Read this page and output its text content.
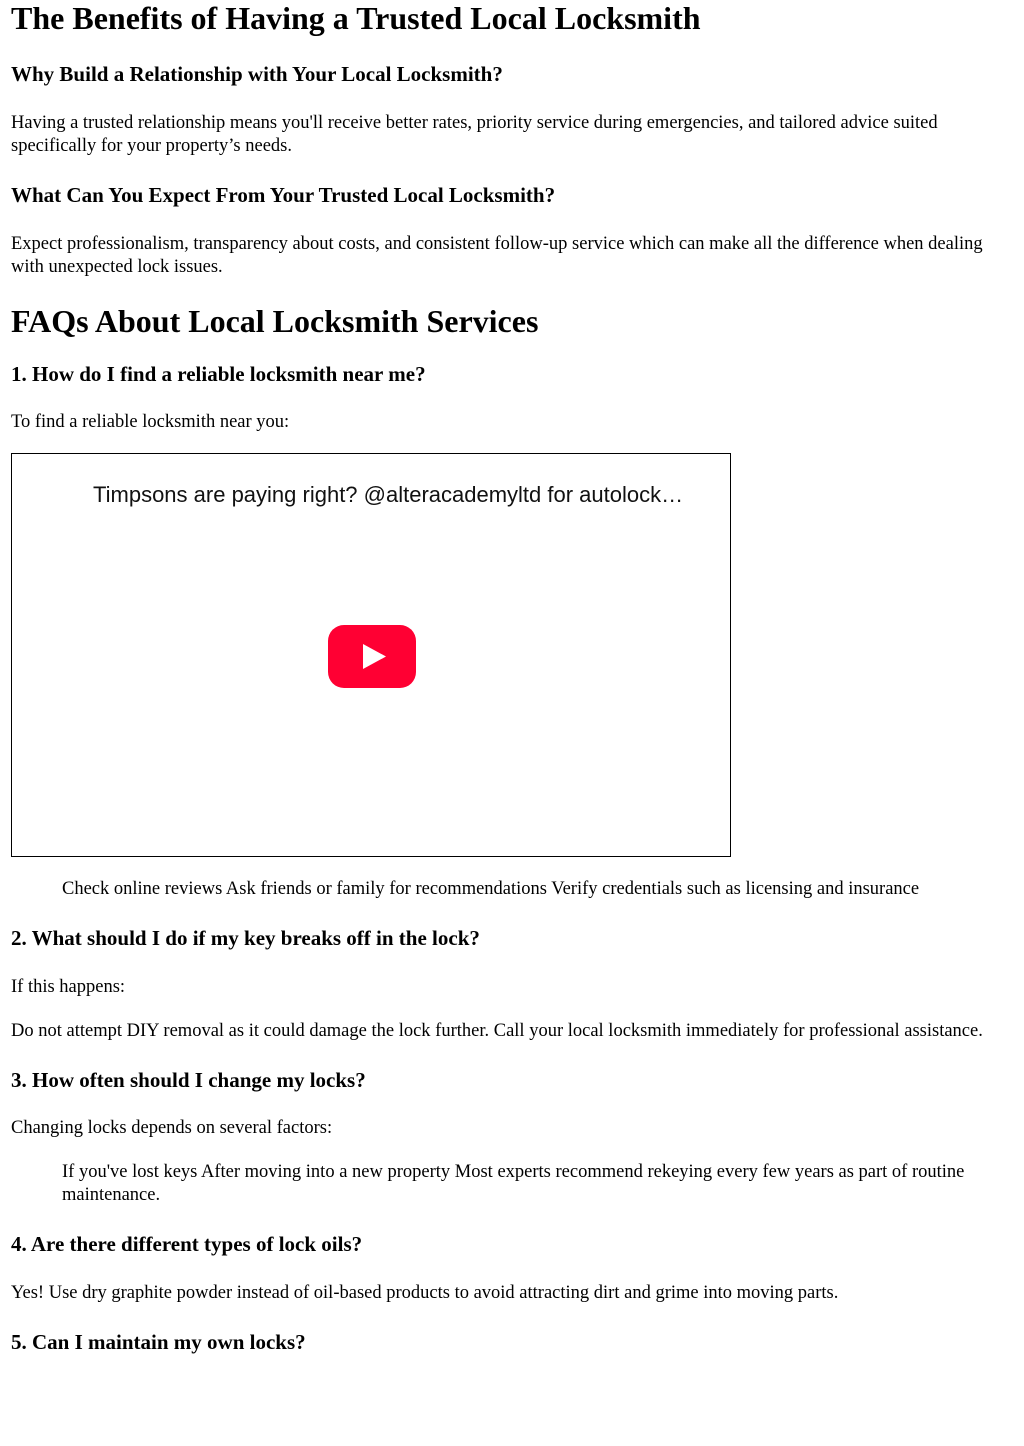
The Benefits of Having a Trusted Local Locksmith
Why Build a Relationship with Your Local Locksmith?

Having a trusted relationship means you'll receive better rates, priority service during emergencies, and tailored advice suited specifically for your property’s needs.

What Can You Expect From Your Trusted Local Locksmith?

Expect professionalism, transparency about costs, and consistent follow-up service which can make all the difference when dealing with unexpected lock issues.

FAQs About Local Locksmith Services
1. How do I find a reliable locksmith near me?

To find a reliable locksmith near you:

Timpsons are paying right? @alteracademyltd for autolock…

Check online reviews Ask friends or family for recommendations Verify credentials such as licensing and insurance

2. What should I do if my key breaks off in the lock?

If this happens:

Do not attempt DIY removal as it could damage the lock further. Call your local locksmith immediately for professional assistance.

3. How often should I change my locks?

Changing locks depends on several factors:

If you've lost keys After moving into a new property Most experts recommend rekeying every few years as part of routine maintenance.

4. Are there different types of lock oils?

Yes! Use dry graphite powder instead of oil-based products to avoid attracting dirt and grime into moving parts.

5. Can I maintain my own locks?
